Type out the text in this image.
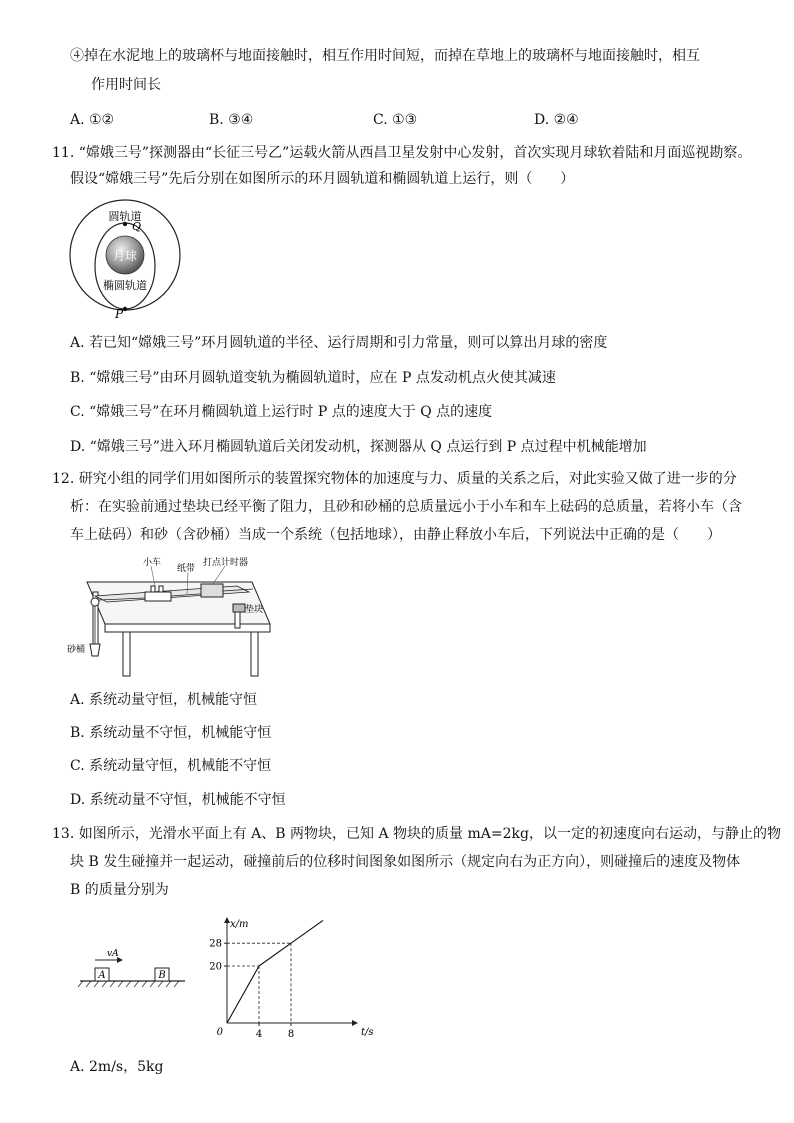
④掉在水泥地上的玻璃杯与地面接触时，相互作用时间短，而掉在草地上的玻璃杯与地面接触时，相互
作用时间长
A. ①②	B. ③④	C. ①③	D. ②④
11. “嫦娥三号”探测器由“长征三号乙”运载火箭从西昌卫星发射中心发射，首次实现月球软着陆和月面巡视勘察。
假设“嫦娥三号”先后分别在如图所示的环月圆轨道和椭圆轨道上运行，则（　　）
圆轨道
Q
月球
椭圆轨道
P
A. 若已知“嫦娥三号”环月圆轨道的半径、运行周期和引力常量，则可以算出月球的密度
B. “嫦娥三号”由环月圆轨道变轨为椭圆轨道时，应在 P 点发动机点火使其减速
C. “嫦娥三号”在环月椭圆轨道上运行时 P 点的速度大于 Q 点的速度
D. “嫦娥三号”进入环月椭圆轨道后关闭发动机，探测器从 Q 点运行到 P 点过程中机械能增加
12. 研究小组的同学们用如图所示的装置探究物体的加速度与力、质量的关系之后，对此实验又做了进一步的分
析：在实验前通过垫块已经平衡了阻力，且砂和砂桶的总质量远小于小车和车上砝码的总质量，若将小车（含
车上砝码）和砂（含砂桶）当成一个系统（包括地球），由静止释放小车后，下列说法中正确的是（　　）
小车
纸带
打点计时器
垫块
砂桶
A. 系统动量守恒，机械能守恒
B. 系统动量不守恒，机械能守恒
C. 系统动量守恒，机械能不守恒
D. 系统动量不守恒，机械能不守恒
13. 如图所示，光滑水平面上有 A、B 两物块，已知 A 物块的质量 mA=2kg，以一定的初速度向右运动，与静止的物
块 B 发生碰撞并一起运动，碰撞前后的位移时间图象如图所示（规定向右为正方向），则碰撞后的速度及物体
B 的质量分别为
A	B
vA
20
28
4	8
0
x/m
t/s
A. 2m/s，5kg
